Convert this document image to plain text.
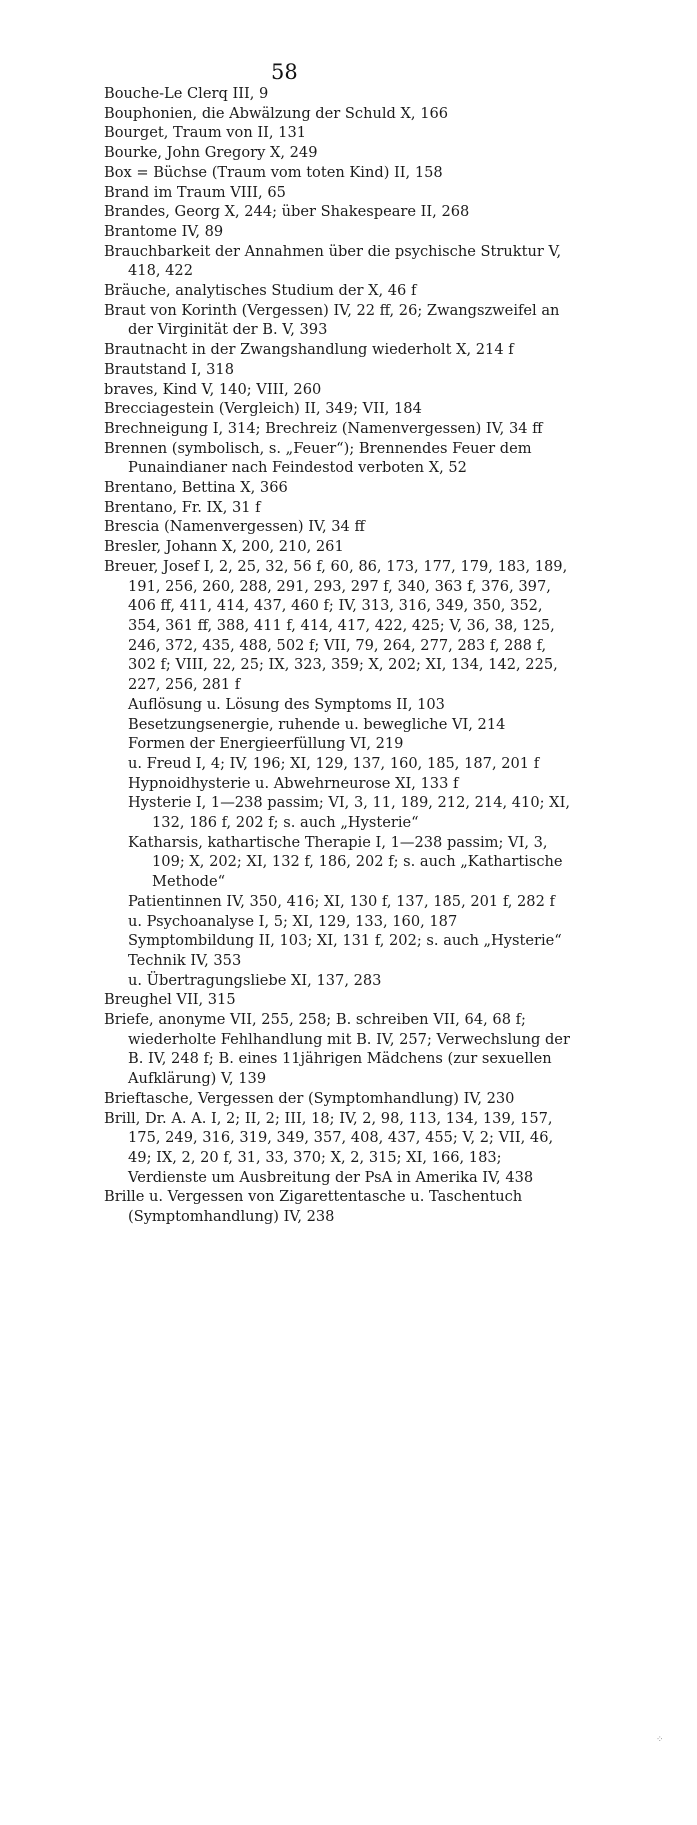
58
Bouche-Le Clerq III, 9
Bouphonien, die Abwälzung der Schuld X, 166
Bourget, Traum von II, 131
Bourke, John Gregory X, 249
Box = Büchse (Traum vom toten Kind) II, 158
Brand im Traum VIII, 65
Brandes, Georg X, 244; über Shakespeare II, 268
Brantome IV, 89
Brauchbarkeit der Annahmen über die psychische Struktur V, 418, 422
Bräuche, analytisches Studium der X, 46 f
Braut von Korinth (Vergessen) IV, 22 ff, 26; Zwangszweifel an der Virginität der B. V, 393
Brautnacht in der Zwangshandlung wiederholt X, 214 f
Brautstand I, 318
braves, Kind V, 140; VIII, 260
Brecciagestein (Vergleich) II, 349; VII, 184
Brechneigung I, 314; Brechreiz (Namenvergessen) IV, 34 ff
Brennen (symbolisch, s. „Feuer“); Brennendes Feuer dem Punaindianer nach Feindestod verboten X, 52
Brentano, Bettina X, 366
Brentano, Fr. IX, 31 f
Brescia (Namenvergessen) IV, 34 ff
Bresler, Johann X, 200, 210, 261
Breuer, Josef I, 2, 25, 32, 56 f, 60, 86, 173, 177, 179, 183, 189, 191, 256, 260, 288, 291, 293, 297 f, 340, 363 f, 376, 397, 406 ff, 411, 414, 437, 460 f; IV, 313, 316, 349, 350, 352, 354, 361 ff, 388, 411 f, 414, 417, 422, 425; V, 36, 38, 125, 246, 372, 435, 488, 502 f; VII, 79, 264, 277, 283 f, 288 f, 302 f; VIII, 22, 25; IX, 323, 359; X, 202; XI, 134, 142, 225, 227, 256, 281 f
Auflösung u. Lösung des Symptoms II, 103
Besetzungsenergie, ruhende u. bewegliche VI, 214
Formen der Energieerfüllung VI, 219
u. Freud I, 4; IV, 196; XI, 129, 137, 160, 185, 187, 201 f
Hypnoidhysterie u. Abwehrneurose XI, 133 f
Hysterie I, 1—238 passim; VI, 3, 11, 189, 212, 214, 410; XI, 132, 186 f, 202 f; s. auch „Hysterie“
Katharsis, kathartische Therapie I, 1—238 passim; VI, 3, 109; X, 202; XI, 132 f, 186, 202 f; s. auch „Kathartische Methode“
Patientinnen IV, 350, 416; XI, 130 f, 137, 185, 201 f, 282 f
u. Psychoanalyse I, 5; XI, 129, 133, 160, 187
Symptombildung II, 103; XI, 131 f, 202; s. auch „Hysterie“
Technik IV, 353
u. Übertragungsliebe XI, 137, 283
Breughel VII, 315
Briefe, anonyme VII, 255, 258; B. schreiben VII, 64, 68 f; wiederholte Fehlhandlung mit B. IV, 257; Verwechslung der B. IV, 248 f; B. eines 11jährigen Mädchens (zur sexuellen Aufklärung) V, 139
Brieftasche, Vergessen der (Symptomhandlung) IV, 230
Brill, Dr. A. A. I, 2; II, 2; III, 18; IV, 2, 98, 113, 134, 139, 157, 175, 249, 316, 319, 349, 357, 408, 437, 455; V, 2; VII, 46, 49; IX, 2, 20 f, 31, 33, 370; X, 2, 315; XI, 166, 183; Verdienste um Ausbreitung der PsA in Amerika IV, 438
Brille u. Vergessen von Zigarettentasche u. Taschentuch (Symptomhandlung) IV, 238
⁘
